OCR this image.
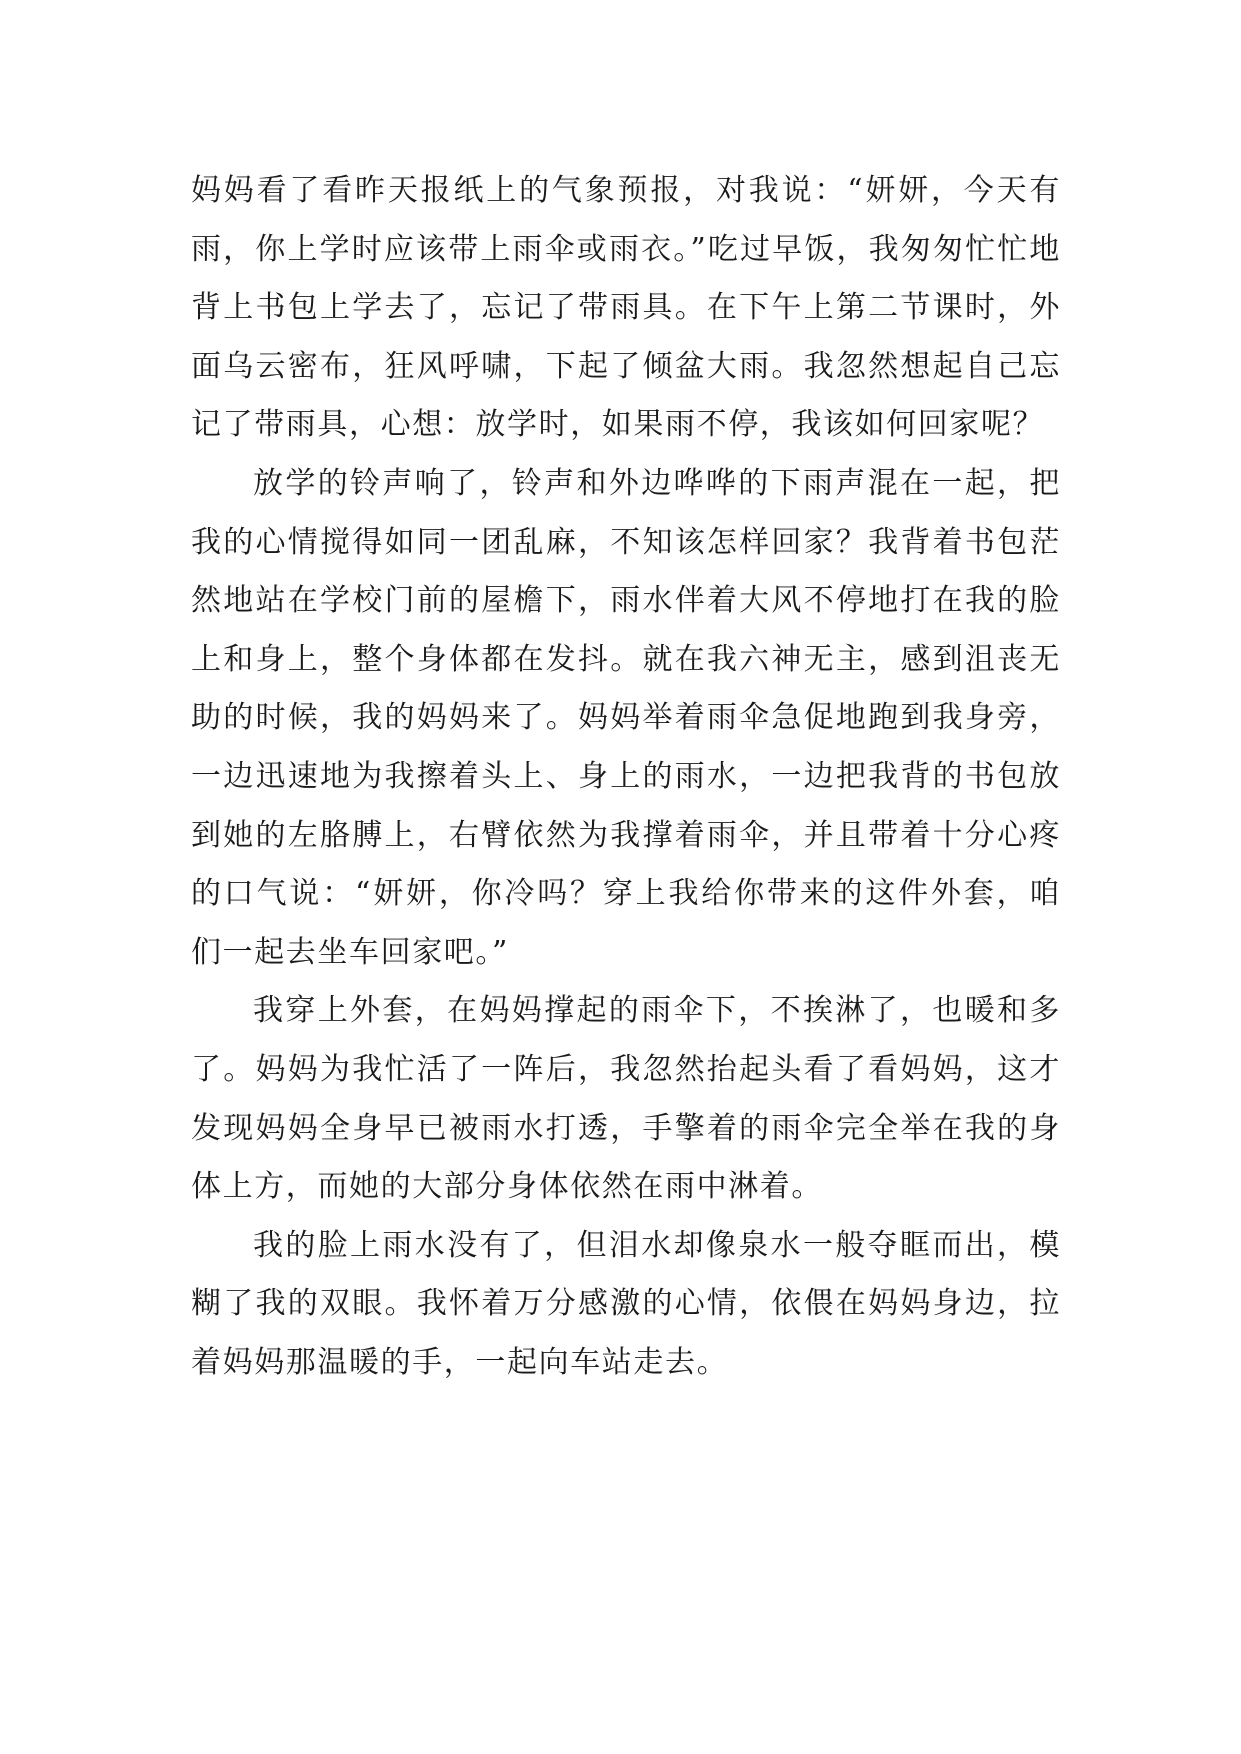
妈妈看了看昨天报纸上的气象预报，对我说：“妍妍，今天有雨，你上学时应该带上雨伞或雨衣。”吃过早饭，我匆匆忙忙地背上书包上学去了，忘记了带雨具。在下午上第二节课时，外面乌云密布，狂风呼啸，下起了倾盆大雨。我忽然想起自己忘记了带雨具，心想：放学时，如果雨不停，我该如何回家呢？

放学的铃声响了，铃声和外边哗哗的下雨声混在一起，把我的心情搅得如同一团乱麻，不知该怎样回家？我背着书包茫然地站在学校门前的屋檐下，雨水伴着大风不停地打在我的脸上和身上，整个身体都在发抖。就在我六神无主，感到沮丧无助的时候，我的妈妈来了。妈妈举着雨伞急促地跑到我身旁，一边迅速地为我擦着头上、身上的雨水，一边把我背的书包放到她的左胳膊上，右臂依然为我撑着雨伞，并且带着十分心疼的口气说：“妍妍，你冷吗？穿上我给你带来的这件外套，咱们一起去坐车回家吧。”

我穿上外套，在妈妈撑起的雨伞下，不挨淋了，也暖和多了。妈妈为我忙活了一阵后，我忽然抬起头看了看妈妈，这才发现妈妈全身早已被雨水打透，手擎着的雨伞完全举在我的身体上方，而她的大部分身体依然在雨中淋着。

我的脸上雨水没有了，但泪水却像泉水一般夺眶而出，模糊了我的双眼。我怀着万分感激的心情，依偎在妈妈身边，拉着妈妈那温暖的手，一起向车站走去。
